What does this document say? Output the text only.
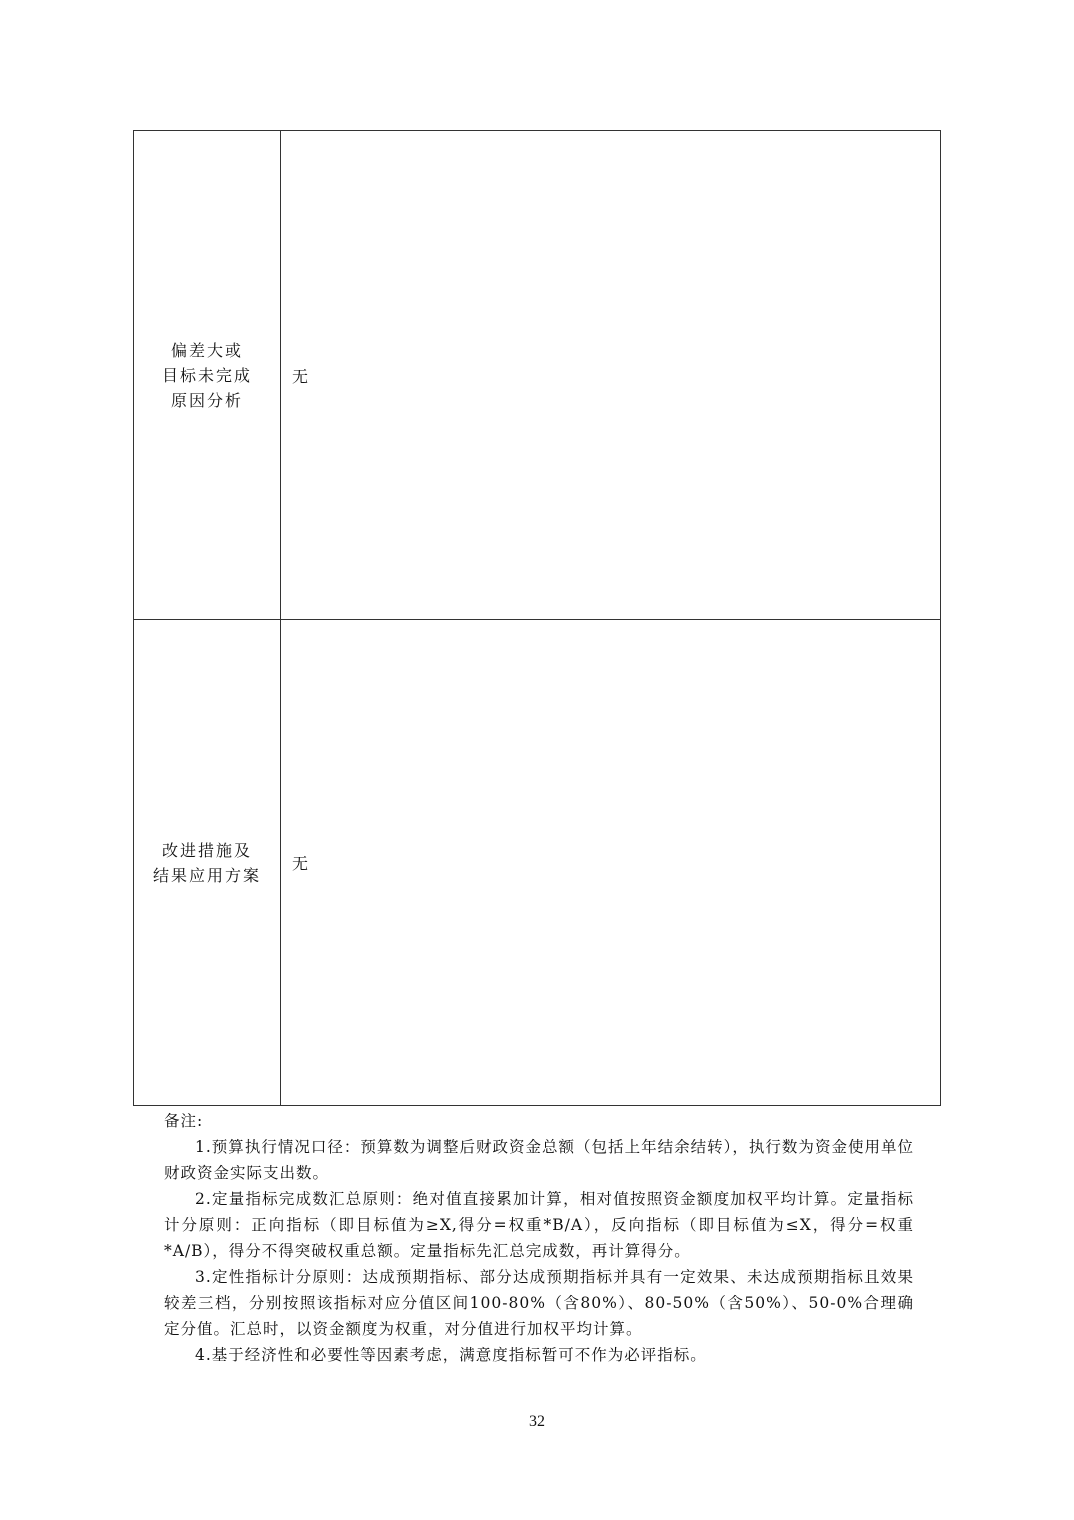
偏差大或
目标未完成
原因分析	无

改进措施及
结果应用方案	无
备注:

1.预算执行情况口径：预算数为调整后财政资金总额（包括上年结余结转），执行数为资金使用单位财政资金实际支出数。

2.定量指标完成数汇总原则：绝对值直接累加计算，相对值按照资金额度加权平均计算。定量指标计分原则：正向指标（即目标值为≥X,得分=权重*B/A），反向指标（即目标值为≤X，得分=权重*A/B），得分不得突破权重总额。定量指标先汇总完成数，再计算得分。

3.定性指标计分原则：达成预期指标、部分达成预期指标并具有一定效果、未达成预期指标且效果较差三档，分别按照该指标对应分值区间100-80%（含80%）、80-50%（含50%）、50-0%合理确定分值。汇总时，以资金额度为权重，对分值进行加权平均计算。

4.基于经济性和必要性等因素考虑，满意度指标暂可不作为必评指标。

32
